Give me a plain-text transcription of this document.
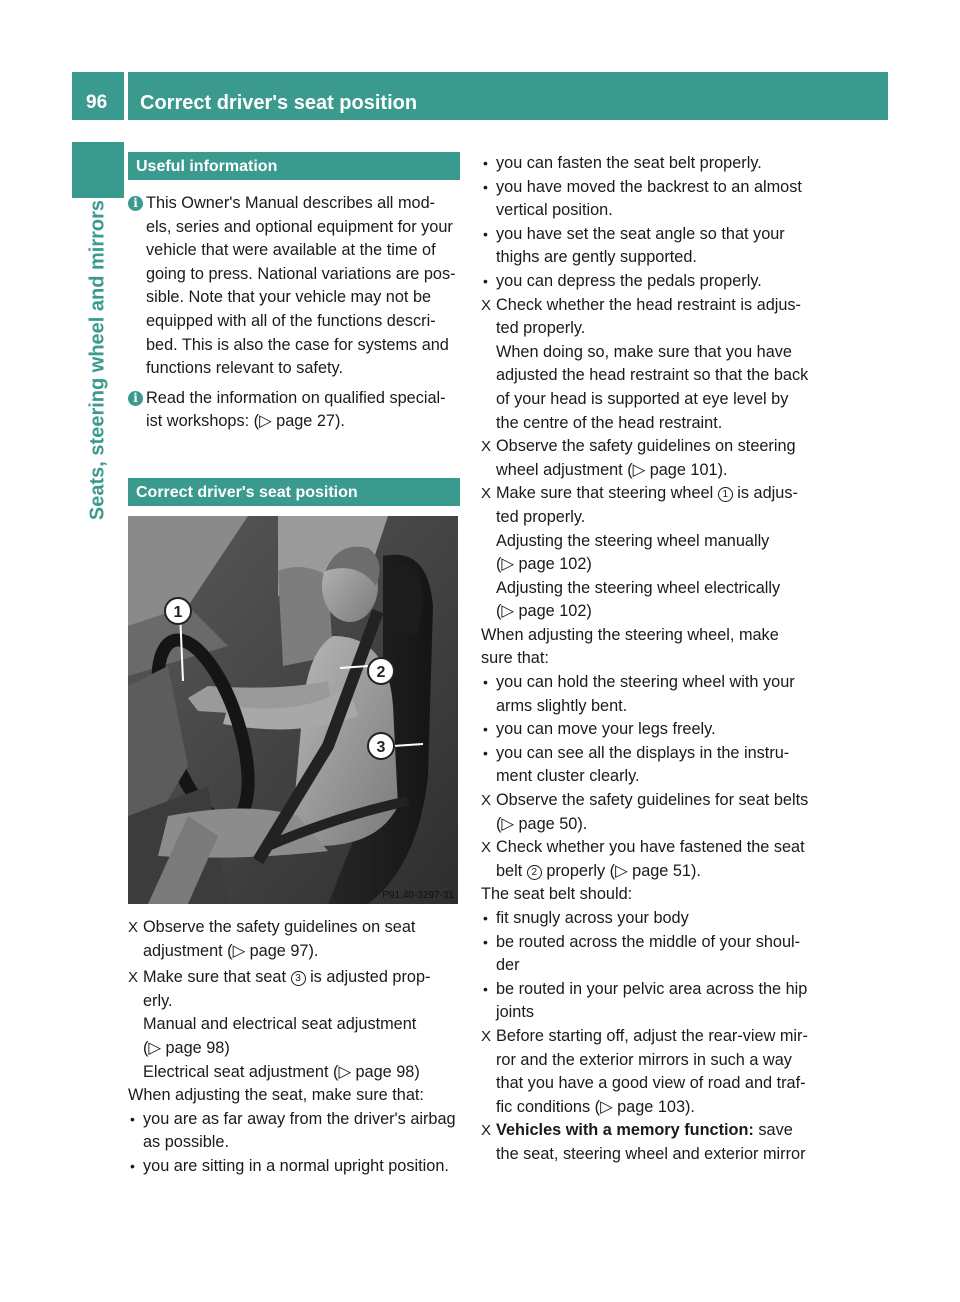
96 Correct driver's seat position
Seats, steering wheel and mirrors
Useful information
i This Owner's Manual describes all mod-
els, series and optional equipment for your
vehicle that were available at the time of
going to press. National variations are pos-
sible. Note that your vehicle may not be
equipped with all of the functions descri-
bed. This is also the case for systems and
functions relevant to safety.
i Read the information on qualified special-
ist workshops: (▷ page 27).
Correct driver's seat position
1
2
3
P91.40-3297-31
X Observe the safety guidelines on seat
adjustment (▷ page 97).
X Make sure that seat 3 is adjusted prop-
erly.
Manual and electrical seat adjustment
(▷ page 98)
Electrical seat adjustment (▷ page 98)
When adjusting the seat, make sure that:
• you are as far away from the driver's airbag
as possible.
• you are sitting in a normal upright position.
• you can fasten the seat belt properly.
• you have moved the backrest to an almost
vertical position.
• you have set the seat angle so that your
thighs are gently supported.
• you can depress the pedals properly.
X Check whether the head restraint is adjus-
ted properly.
When doing so, make sure that you have
adjusted the head restraint so that the back
of your head is supported at eye level by
the centre of the head restraint.
X Observe the safety guidelines on steering
wheel adjustment (▷ page 101).
X Make sure that steering wheel 1 is adjus-
ted properly.
Adjusting the steering wheel manually
(▷ page 102)
Adjusting the steering wheel electrically
(▷ page 102)
When adjusting the steering wheel, make
sure that:
• you can hold the steering wheel with your
arms slightly bent.
• you can move your legs freely.
• you can see all the displays in the instru-
ment cluster clearly.
X Observe the safety guidelines for seat belts
(▷ page 50).
X Check whether you have fastened the seat
belt 2 properly (▷ page 51).
The seat belt should:
• fit snugly across your body
• be routed across the middle of your shoul-
der
• be routed in your pelvic area across the hip
joints
X Before starting off, adjust the rear-view mir-
ror and the exterior mirrors in such a way
that you have a good view of road and traf-
fic conditions (▷ page 103).
X Vehicles with a memory function: save
the seat, steering wheel and exterior mirror
